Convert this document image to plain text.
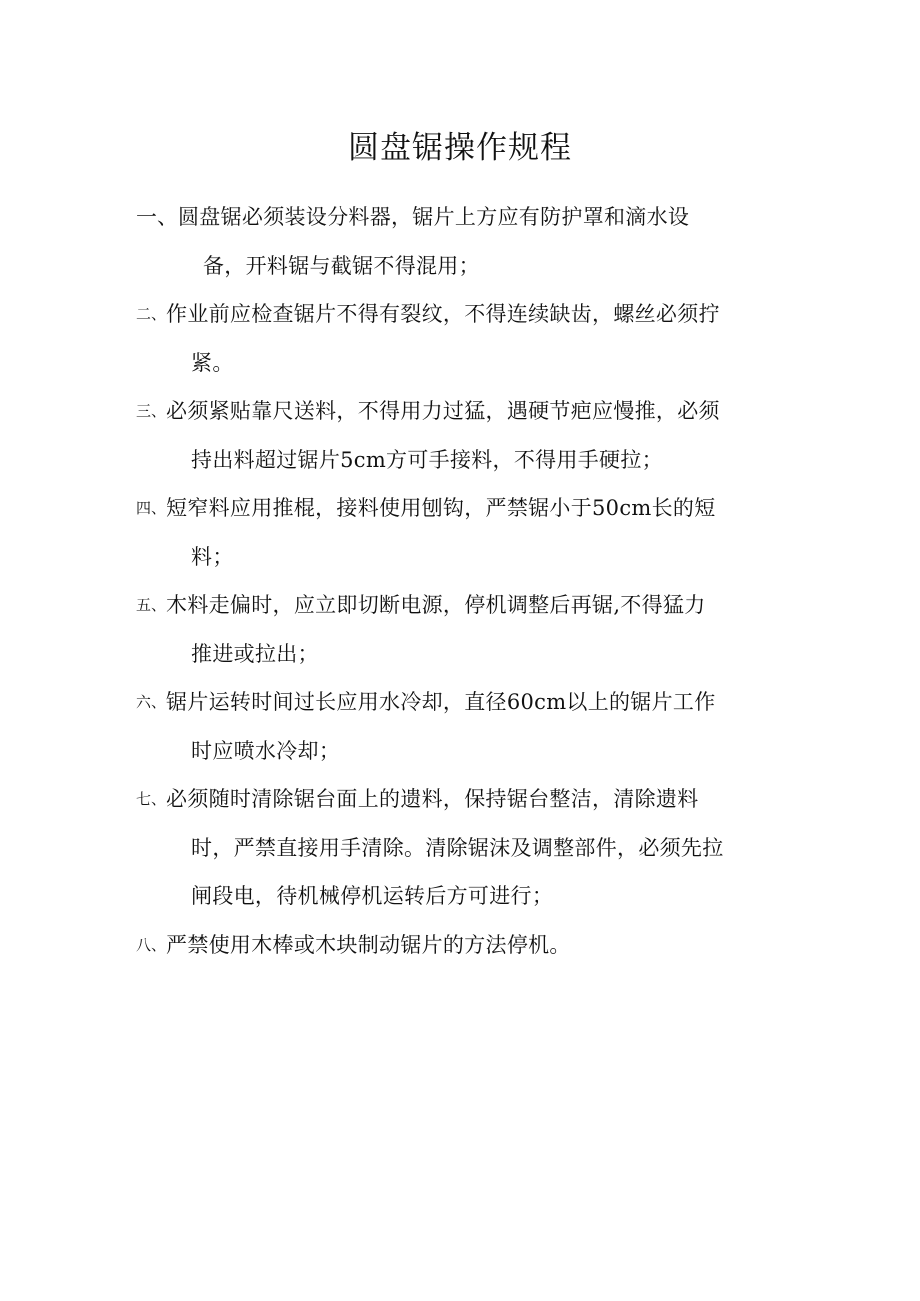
圆盘锯操作规程
一、 圆盘锯必须装设分料器，锯片上方应有防护罩和滴水设
备，开料锯与截锯不得混用；
二、 作业前应检查锯片不得有裂纹，不得连续缺齿，螺丝必须拧
紧。
三、 必须紧贴靠尺送料，不得用力过猛，遇硬节疤应慢推，必须
持出料超过锯片5cm方可手接料，不得用手硬拉；
四、 短窄料应用推棍，接料使用刨钩，严禁锯小于50cm长的短
料；
五、 木料走偏时，应立即切断电源，停机调整后再锯,不得猛力
推进或拉出；
六、 锯片运转时间过长应用水冷却，直径60cm以上的锯片工作
时应喷水冷却；
七、 必须随时清除锯台面上的遗料，保持锯台整洁，清除遗料
时，严禁直接用手清除。清除锯沫及调整部件，必须先拉
闸段电，待机械停机运转后方可进行；
八、 严禁使用木棒或木块制动锯片的方法停机。
